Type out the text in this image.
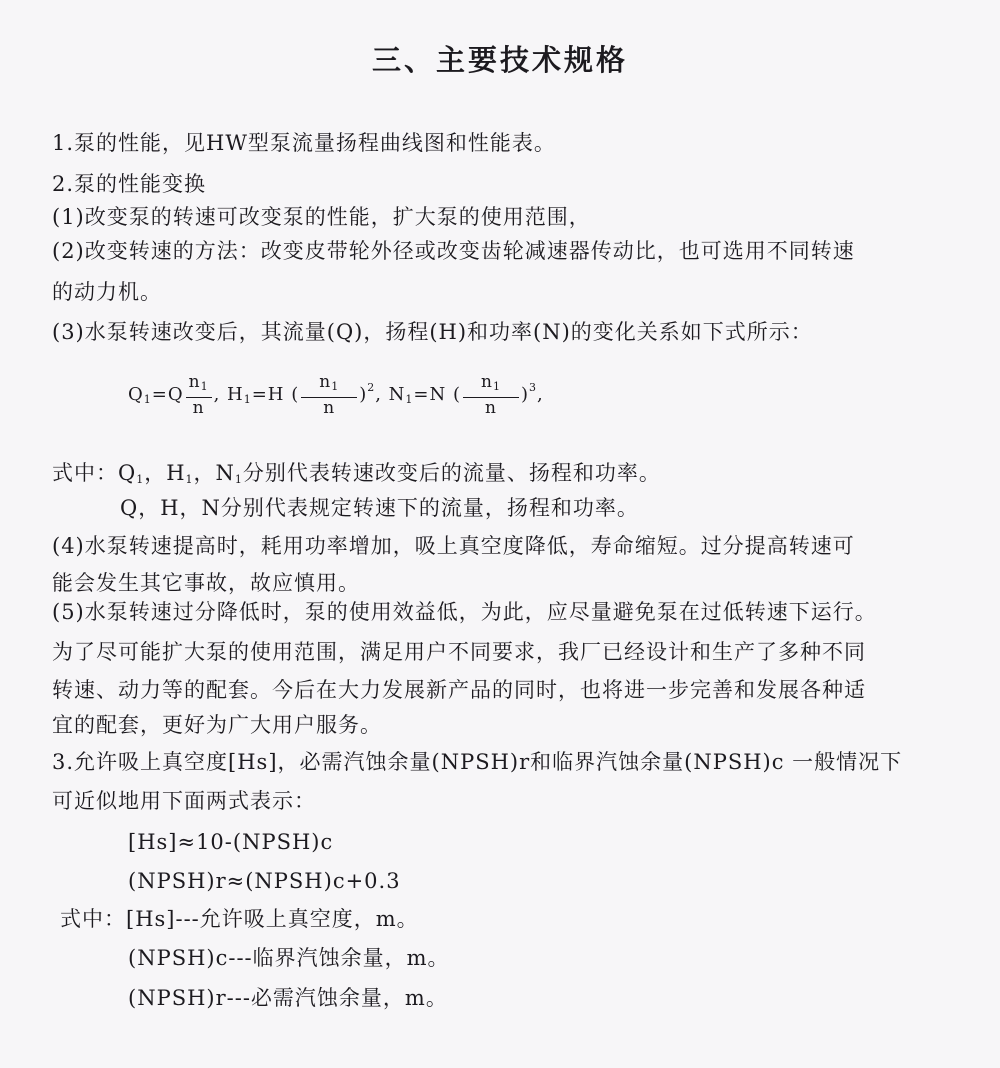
三、主要技术规格
1.泵的性能，见HW型泵流量扬程曲线图和性能表。
2.泵的性能变换
(1)改变泵的转速可改变泵的性能，扩大泵的使用范围，
(2)改变转速的方法：改变皮带轮外径或改变齿轮减速器传动比，也可选用不同转速
的动力机。
(3)水泵转速改变后，其流量(Q)，扬程(H)和功率(N)的变化关系如下式所示：
$Q_1=Q \frac{n_1}{n}$ , $H_1=H$ ( $\frac{n_1}{n} )^2$, $N_1=N$ ( $\frac{n_1}{n} )^3$,
式中：$Q_1$，$H_1$，$N_1$分别代表转速改变后的流量、扬程和功率。
Q，H，N分别代表规定转速下的流量，扬程和功率。
(4)水泵转速提高时，耗用功率增加，吸上真空度降低，寿命缩短。过分提高转速可
能会发生其它事故，故应慎用。
(5)水泵转速过分降低时，泵的使用效益低，为此，应尽量避免泵在过低转速下运行。
为了尽可能扩大泵的使用范围，满足用户不同要求，我厂已经设计和生产了多种不同
转速、动力等的配套。今后在大力发展新产品的同时，也将进一步完善和发展各种适
宜的配套，更好为广大用户服务。
3.允许吸上真空度[Hs]，必需汽蚀余量(NPSH)r和临界汽蚀余量(NPSH)c 一般情况下
可近似地用下面两式表示：
[Hs]≈10-(NPSH)c
(NPSH)r≈(NPSH)c+0.3
式中：[Hs]---允许吸上真空度，m。
(NPSH)c---临界汽蚀余量，m。
(NPSH)r---必需汽蚀余量，m。
